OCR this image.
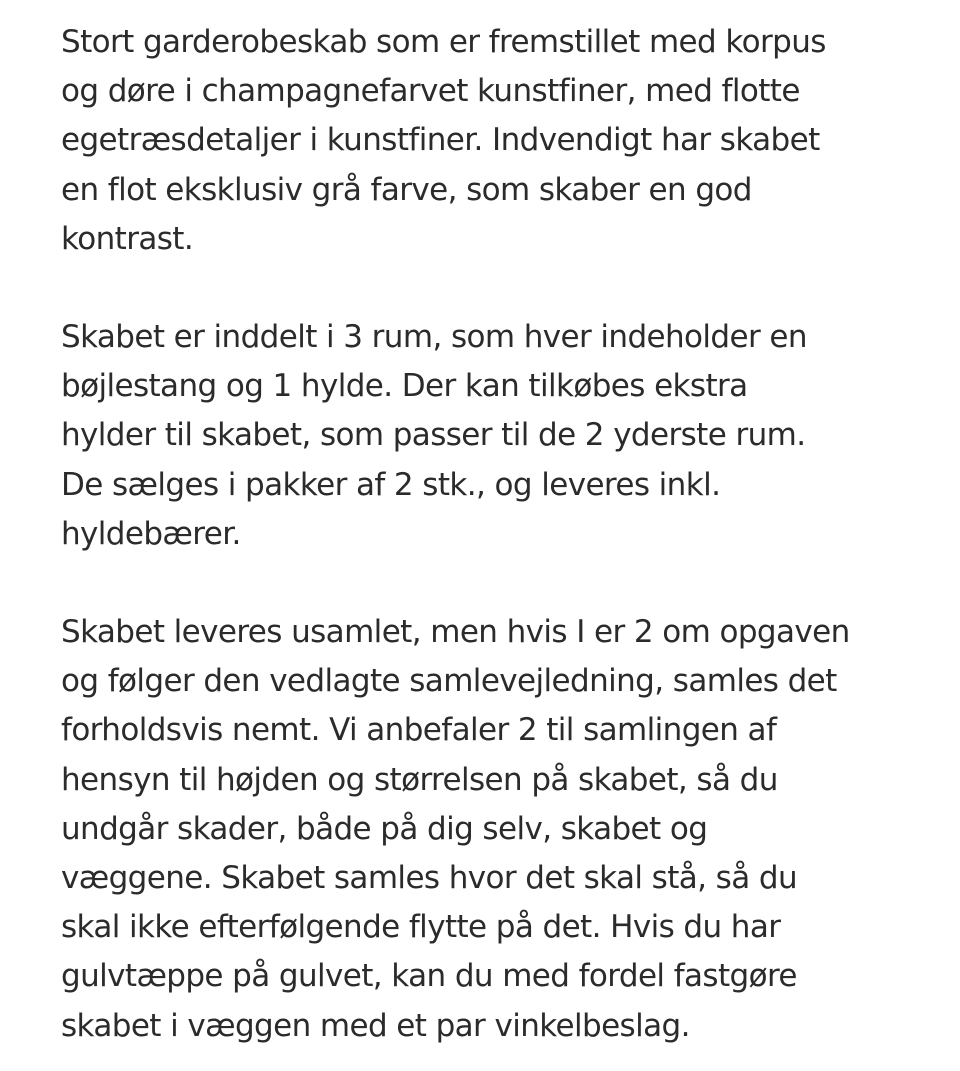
Stort garderobeskab som er fremstillet med korpus
og døre i champagnefarvet kunstfiner, med flotte
egetræsdetaljer i kunstfiner. Indvendigt har skabet
en flot eksklusiv grå farve, som skaber en god
kontrast.

Skabet er inddelt i 3 rum, som hver indeholder en
bøjlestang og 1 hylde. Der kan tilkøbes ekstra
hylder til skabet, som passer til de 2 yderste rum.
De sælges i pakker af 2 stk., og leveres inkl.
hyldebærer.

Skabet leveres usamlet, men hvis I er 2 om opgaven
og følger den vedlagte samlevejledning, samles det
forholdsvis nemt. Vi anbefaler 2 til samlingen af
hensyn til højden og størrelsen på skabet, så du
undgår skader, både på dig selv, skabet og
væggene. Skabet samles hvor det skal stå, så du
skal ikke efterfølgende flytte på det. Hvis du har
gulvtæppe på gulvet, kan du med fordel fastgøre
skabet i væggen med et par vinkelbeslag.
